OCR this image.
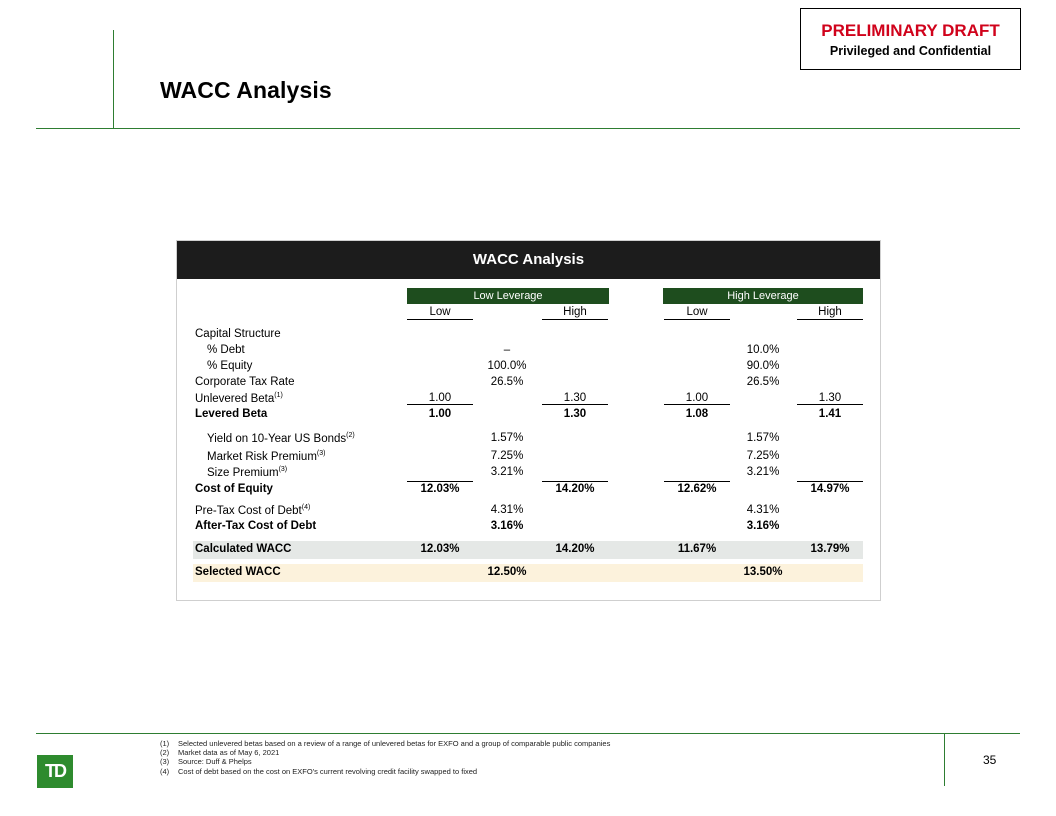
WACC Analysis
PRELIMINARY DRAFT
Privileged and Confidential
WACC Analysis
Low Leverage	High Leverage
Low	High	Low	High
Capital Structure
% Debt	–	10.0%
% Equity	100.0%	90.0%
Corporate Tax Rate	26.5%	26.5%
Unlevered Beta$^{(1)}$	1.00	1.30	1.00	1.30
Levered Beta	1.00	1.30	1.08	1.41
Yield on 10-Year US Bonds$^{(2)}$	1.57%	1.57%
Market Risk Premium$^{(3)}$	7.25%	7.25%
Size Premium$^{(3)}$	3.21%	3.21%
Cost of Equity	12.03%	14.20%	12.62%	14.97%
Pre-Tax Cost of Debt$^{(4)}$	4.31%	4.31%
After-Tax Cost of Debt	3.16%	3.16%
Calculated WACC	12.03%	14.20%	11.67%	13.79%
Selected WACC	12.50%	13.50%
TD
(1) Selected unlevered betas based on a review of a range of unlevered betas for EXFO and a group of comparable public companies
(2) Market data as of May 6, 2021
(3) Source: Duff & Phelps
(4) Cost of debt based on the cost on EXFO's current revolving credit facility swapped to fixed
35
